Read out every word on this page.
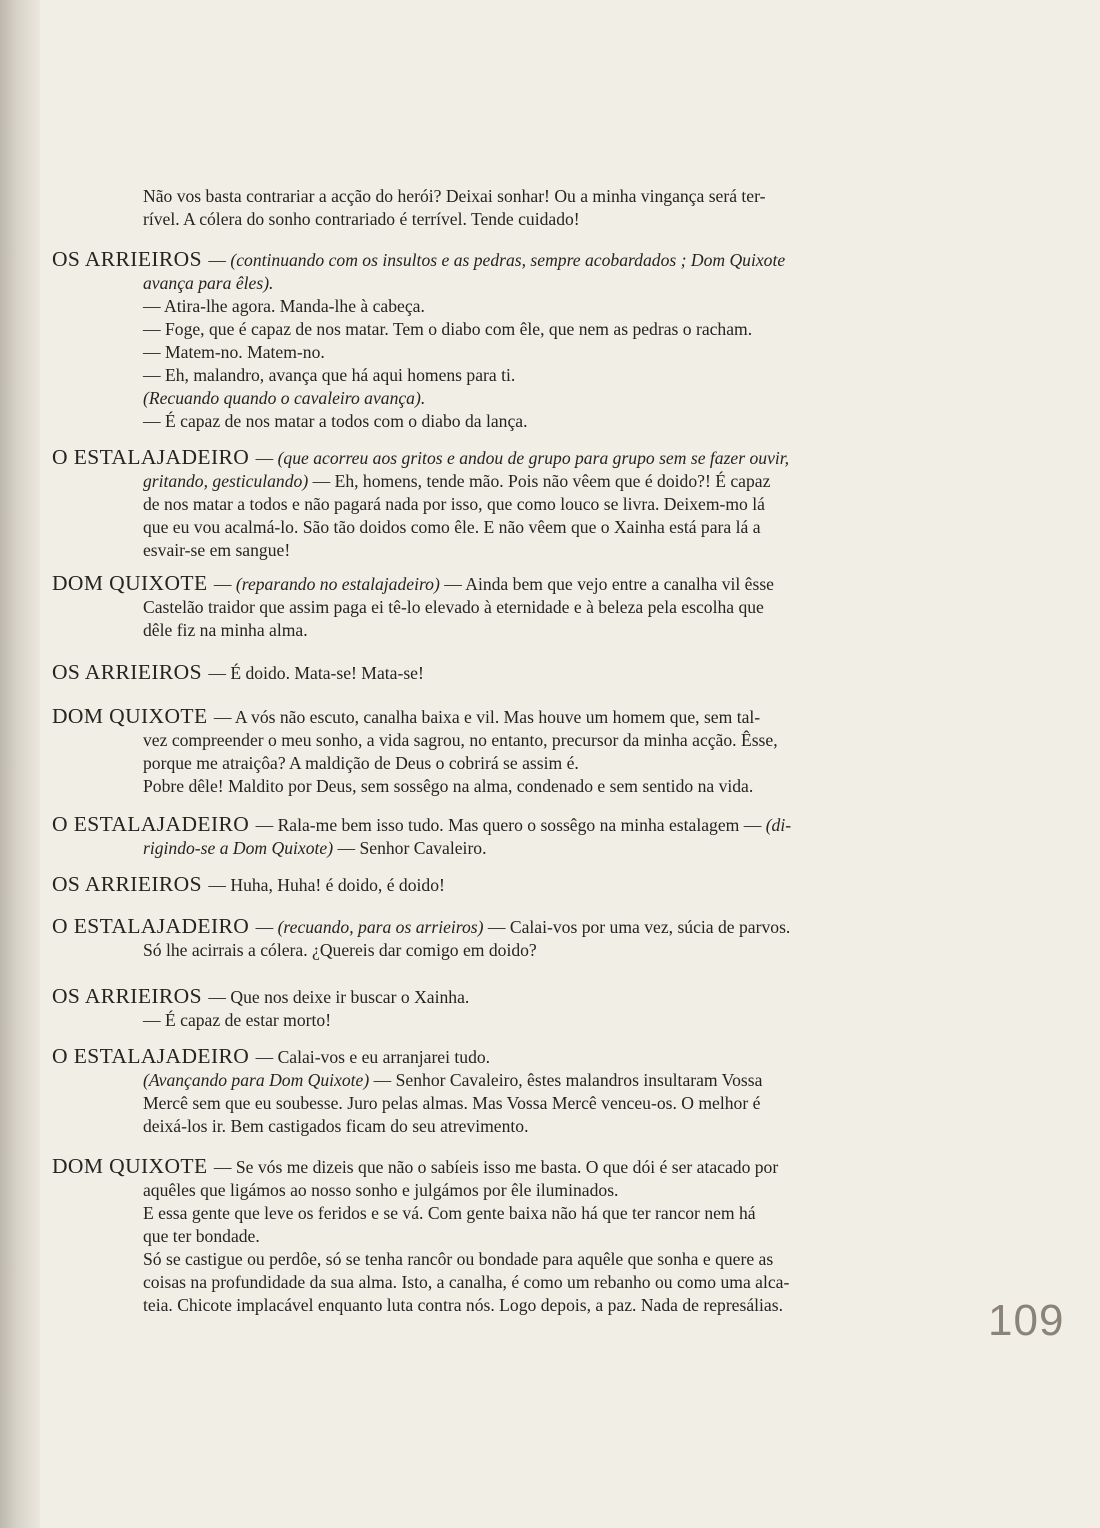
Não vos basta contrariar a acção do herói? Deixai sonhar! Ou a minha vingança será ter-

rível. A cólera do sonho contrariado é terrível. Tende cuidado!

OS ARRIEIROS — (continuando com os insultos e as pedras, sempre acobardados ; Dom Quixote
avança para êles).
— Atira-lhe agora. Manda-lhe à cabeça.
— Foge, que é capaz de nos matar. Tem o diabo com êle, que nem as pedras o racham.
— Matem-no. Matem-no.
— Eh, malandro, avança que há aqui homens para ti.
(Recuando quando o cavaleiro avança).
— É capaz de nos matar a todos com o diabo da lança.
O ESTALAJADEIRO — (que acorreu aos gritos e andou de grupo para grupo sem se fazer ouvir,
gritando, gesticulando) — Eh, homens, tende mão. Pois não vêem que é doido?! É capaz
de nos matar a todos e não pagará nada por isso, que como louco se livra. Deixem-mo lá
que eu vou acalmá-lo. São tão doidos como êle. E não vêem que o Xainha está para lá a
esvair-se em sangue!
DOM QUIXOTE — (reparando no estalajadeiro) — Ainda bem que vejo entre a canalha vil êsse
Castelão traidor que assim paga ei tê-lo elevado à eternidade e à beleza pela escolha que
dêle fiz na minha alma.
OS ARRIEIROS — É doido. Mata-se! Mata-se!
DOM QUIXOTE — A vós não escuto, canalha baixa e vil. Mas houve um homem que, sem tal-
vez compreender o meu sonho, a vida sagrou, no entanto, precursor da minha acção. Êsse,
porque me atraiçôa? A maldição de Deus o cobrirá se assim é.
Pobre dêle! Maldito por Deus, sem sossêgo na alma, condenado e sem sentido na vida.
O ESTALAJADEIRO — Rala-me bem isso tudo. Mas quero o sossêgo na minha estalagem — (di-
rigindo-se a Dom Quixote) — Senhor Cavaleiro.
OS ARRIEIROS — Huha, Huha! é doido, é doido!
O ESTALAJADEIRO — (recuando, para os arrieiros) — Calai-vos por uma vez, súcia de parvos.
Só lhe acirrais a cólera. ¿Quereis dar comigo em doido?
OS ARRIEIROS — Que nos deixe ir buscar o Xainha.
— É capaz de estar morto!
O ESTALAJADEIRO — Calai-vos e eu arranjarei tudo.
(Avançando para Dom Quixote) — Senhor Cavaleiro, êstes malandros insultaram Vossa
Mercê sem que eu soubesse. Juro pelas almas. Mas Vossa Mercê venceu-os. O melhor é
deixá-los ir. Bem castigados ficam do seu atrevimento.
DOM QUIXOTE — Se vós me dizeis que não o sabíeis isso me basta. O que dói é ser atacado por
aquêles que ligámos ao nosso sonho e julgámos por êle iluminados.
E essa gente que leve os feridos e se vá. Com gente baixa não há que ter rancor nem há
que ter bondade.
Só se castigue ou perdôe, só se tenha rancôr ou bondade para aquêle que sonha e quere as
coisas na profundidade da sua alma. Isto, a canalha, é como um rebanho ou como uma alca-
teia. Chicote implacável enquanto luta contra nós. Logo depois, a paz. Nada de represálias.	109
